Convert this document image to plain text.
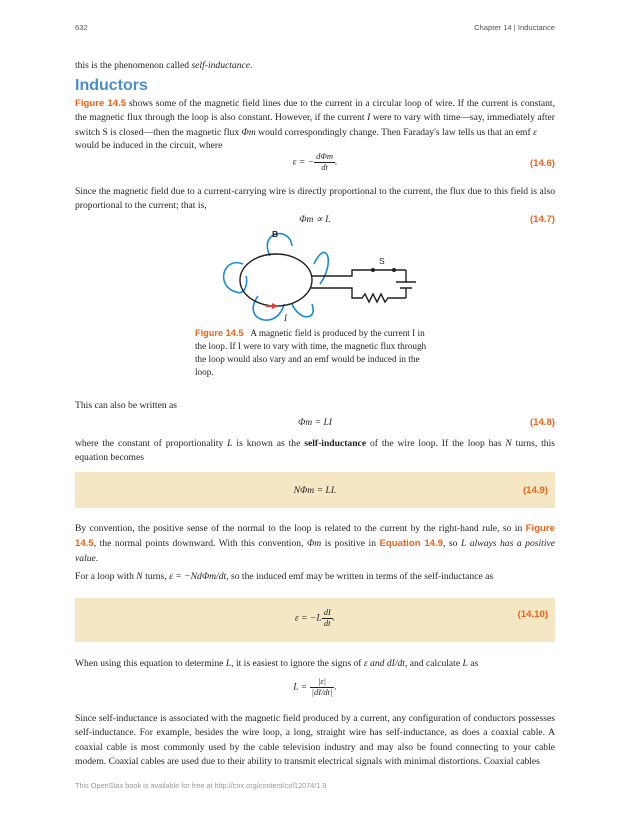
632	Chapter 14 | Inductance
this is the phenomenon called self-inductance.
Inductors
Figure 14.5 shows some of the magnetic field lines due to the current in a circular loop of wire. If the current is constant, the magnetic flux through the loop is also constant. However, if the current I were to vary with time—say, immediately after switch S is closed—then the magnetic flux Φm would correspondingly change. Then Faraday's law tells us that an emf ε
would be induced in the circuit, where
ε = − $\frac{\text{dΦm}}{dt}$ .	(14.6)
Since the magnetic field due to a current-carrying wire is directly proportional to the current, the flux due to this field is also proportional to the current; that is,
Φm ∝ I.	(14.7)
B
S
I
Figure 14.5 A magnetic field is produced by the current I in the loop. If I were to vary with time, the magnetic flux through the loop would also vary and an emf would be induced in the loop.
This can also be written as
Φm = LI	(14.8)
where the constant of proportionality L is known as the self-inductance of the wire loop. If the loop has N turns, this equation becomes
NΦm = LI.	(14.9)
By convention, the positive sense of the normal to the loop is related to the current by the right-hand rule, so in Figure 14.5, the normal points downward. With this convention, Φm is positive in Equation 14.9, so L always has a positive value.
For a loop with N turns, ε = −NdΦm/dt, so the induced emf may be written in terms of the self-inductance as
$\varepsilon = -L \frac{dI}{dt}$ .	(14.10)
When using this equation to determine L, it is easiest to ignore the signs of ε and dI/dt, and calculate L as
$L = \frac{|\varepsilon|}{|dI/dt|}$ .
Since self-inductance is associated with the magnetic field produced by a current, any configuration of conductors possesses self-inductance. For example, besides the wire loop, a long, straight wire has self-inductance, as does a coaxial cable. A coaxial cable is most commonly used by the cable television industry and may also be found connecting to your cable modem. Coaxial cables are used due to their ability to transmit electrical signals with minimal distortions. Coaxial cables
This OpenStax book is available for free at http://cnx.org/content/col12074/1.9
